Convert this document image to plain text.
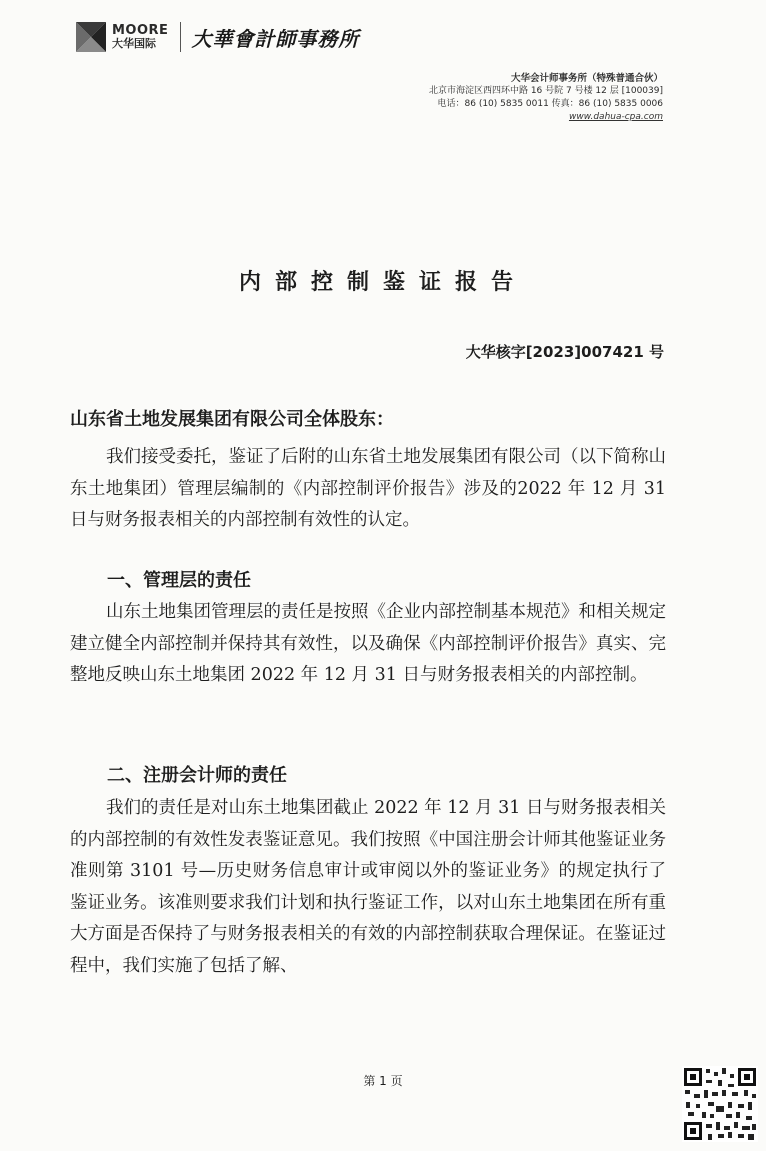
MOORE
大华国际	大華會計師事務所
大华会计师事务所（特殊普通合伙）
北京市海淀区西四环中路 16 号院 7 号楼 12 层 [100039]
电话：86 (10) 5835 0011 传真：86 (10) 5835 0006
www.dahua-cpa.com
内部控制鉴证报告
大华核字[2023]007421 号
山东省土地发展集团有限公司全体股东：
我们接受委托，鉴证了后附的山东省土地发展集团有限公司（以下简称山东土地集团）管理层编制的《内部控制评价报告》涉及的2022 年 12 月 31 日与财务报表相关的内部控制有效性的认定。
一、管理层的责任
山东土地集团管理层的责任是按照《企业内部控制基本规范》和相关规定建立健全内部控制并保持其有效性，以及确保《内部控制评价报告》真实、完整地反映山东土地集团 2022 年 12 月 31 日与财务报表相关的内部控制。
二、注册会计师的责任
我们的责任是对山东土地集团截止 2022 年 12 月 31 日与财务报表相关的内部控制的有效性发表鉴证意见。我们按照《中国注册会计师其他鉴证业务准则第 3101 号—历史财务信息审计或审阅以外的鉴证业务》的规定执行了鉴证业务。该准则要求我们计划和执行鉴证工作，以对山东土地集团在所有重大方面是否保持了与财务报表相关的有效的内部控制获取合理保证。在鉴证过程中，我们实施了包括了解、
第 1 页
